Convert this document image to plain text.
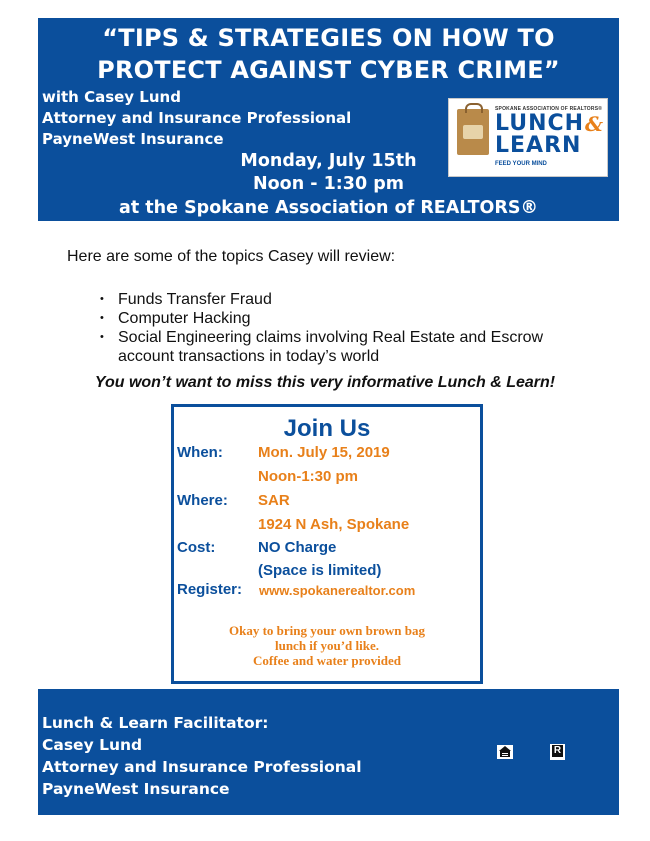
“TIPS & STRATEGIES ON HOW TO
PROTECT AGAINST CYBER CRIME”
with Casey Lund
Attorney and Insurance Professional
PayneWest Insurance
Monday, July 15th
Noon - 1:30 pm
at the Spokane Association of REALTORS®
SPOKANE ASSOCIATION OF REALTORS®
LUNCH &
LEARN
FEED YOUR MIND
Here are some of the topics Casey will review:
• Funds Transfer Fraud
• Computer Hacking
• Social Engineering claims involving Real Estate and Escrow account transactions in today’s world
You won’t want to miss this very informative Lunch & Learn!
Join Us
When: Mon. July 15, 2019
Noon-1:30 pm
Where: SAR
1924 N Ash, Spokane
Cost:	NO Charge
(Space is limited)
Register: www.spokanerealtor.com
Okay to bring your own brown bag
lunch if you’d like.
Coffee and water provided
Lunch & Learn Facilitator:
Casey Lund
Attorney and Insurance Professional
PayneWest Insurance
R
